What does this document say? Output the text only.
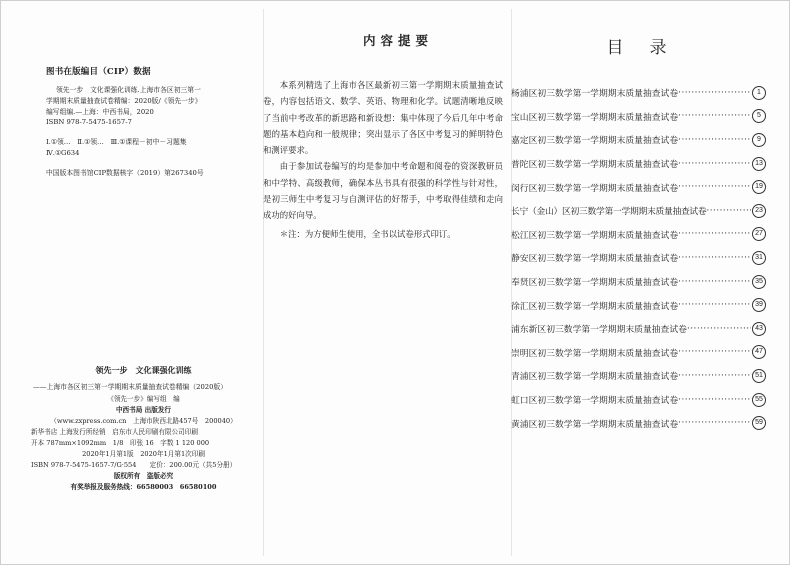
图书在版编目（CIP）数据
领先一步　文化课强化训练.上海市各区初三第一
学期期末质量抽查试卷精编：2020版/《领先一步》
编写组编.—上海：中西书局，2020
ISBN 978-7-5475-1657-7
Ⅰ.①领…　Ⅱ.①领…　Ⅲ.①课程－初中－习题集
Ⅳ.①G634
中国版本图书馆CIP数据核字（2019）第267340号
领先一步　文化课强化训练
——上海市各区初三第一学期期末质量抽查试卷精编（2020版）
《领先一步》编写组　编
中西书局 出版发行
（www.zxpress.com.cn　上海市陕西北路457号　200040）
新华书店 上海发行所经销　启东市人民印刷有限公司印刷
开本 787mm×1092mm　1/8　印张 16　字数 1 120 000
2020年1月第1版　2020年1月第1次印刷
ISBN 978-7-5475-1657-7/G·554　　定价：200.00元（共5分册）
版权所有　盗版必究
有奖举报及服务热线：66580003　66580100
内容提要

本系列精选了上海市各区最新初三第一学期期末质量抽查试卷，内容包括语文、数学、英语、物理和化学。试题清晰地反映了当前中考改革的新思路和新设想：集中体现了今后几年中考命题的基本趋向和一般规律；突出显示了各区中考复习的鲜明特色和测评要求。

由于参加试卷编写的均是参加中考命题和阅卷的资深教研员和中学特、高级教师，确保本丛书具有很强的科学性与针对性，是初三师生中考复习与自测评估的好帮手，中考取得佳绩和走向成功的好向导。

＊注：为方便师生使用，全书以试卷形式印订。
目录
杨浦区初三数学第一学期期末质量抽查试卷 ·····	1
宝山区初三数学第一学期期末质量抽查试卷 ·····	5
嘉定区初三数学第一学期期末质量抽查试卷 ·····	9
普陀区初三数学第一学期期末质量抽查试卷 ·····	13
闵行区初三数学第一学期期末质量抽查试卷 ·····	19
长宁（金山）区初三数学第一学期期末质量抽查试卷 ·····	23
松江区初三数学第一学期期末质量抽查试卷 ·····	27
静安区初三数学第一学期期末质量抽查试卷 ·····	31
奉贤区初三数学第一学期期末质量抽查试卷 ·····	35
徐汇区初三数学第一学期期末质量抽查试卷 ·····	39
浦东新区初三数学第一学期期末质量抽查试卷 ·····	43
崇明区初三数学第一学期期末质量抽查试卷 ·····	47
青浦区初三数学第一学期期末质量抽查试卷 ·····	51
虹口区初三数学第一学期期末质量抽查试卷 ·····	55
黄浦区初三数学第一学期期末质量抽查试卷 ·····	59
